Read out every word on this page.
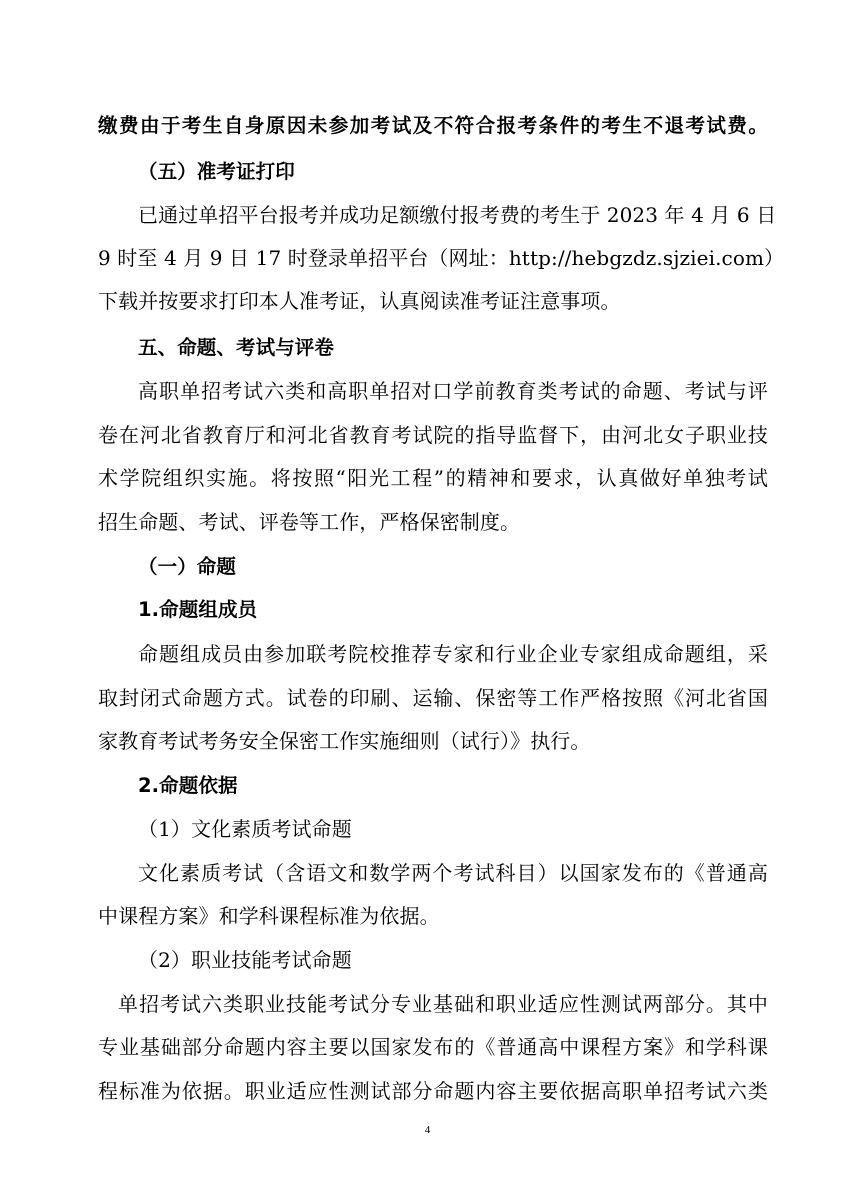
缴费由于考生自身原因未参加考试及不符合报考条件的考生不退考试费。
（五）准考证打印
已通过单招平台报考并成功足额缴付报考费的考生于 2023 年 4 月 6 日
9 时至 4 月 9 日 17 时登录单招平台（网址：http://hebgzdz.sjziei.com）
下载并按要求打印本人准考证，认真阅读准考证注意事项。
五、命题、考试与评卷
高职单招考试六类和高职单招对口学前教育类考试的命题、考试与评
卷在河北省教育厅和河北省教育考试院的指导监督下，由河北女子职业技
术学院组织实施。将按照“阳光工程”的精神和要求，认真做好单独考试
招生命题、考试、评卷等工作，严格保密制度。
（一）命题
1.命题组成员
命题组成员由参加联考院校推荐专家和行业企业专家组成命题组，采
取封闭式命题方式。试卷的印刷、运输、保密等工作严格按照《河北省国
家教育考试考务安全保密工作实施细则（试行）》执行。
2.命题依据
（1）文化素质考试命题
文化素质考试（含语文和数学两个考试科目）以国家发布的《普通高
中课程方案》和学科课程标准为依据。
（2）职业技能考试命题
单招考试六类职业技能考试分专业基础和职业适应性测试两部分。其中
专业基础部分命题内容主要以国家发布的《普通高中课程方案》和学科课
程标准为依据。职业适应性测试部分命题内容主要依据高职单招考试六类
4
